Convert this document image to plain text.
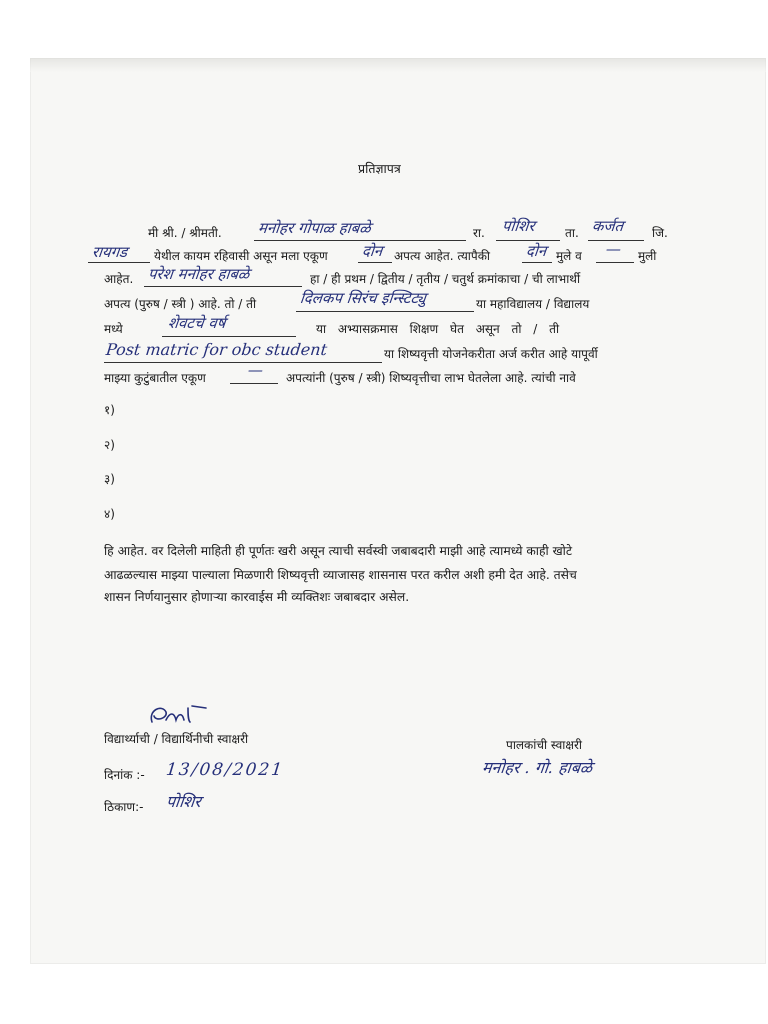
प्रतिज्ञापत्र
मी श्री. / श्रीमती. मनोहर गोपाळ हाबळे	रा. पोशिर ता. कर्जत जि.
रायगड येथील कायम रहिवासी असून मला एकूण दोन अपत्य आहेत. त्यापैकी दोन मुले व — मुली
आहेत. परेश मनोहर हाबळे	हा / ही प्रथम / द्वितीय / तृतीय / चतुर्थ क्रमांकाचा / ची लाभार्थी
अपत्य (पुरुष / स्त्री ) आहे. तो / ती	दिलकप सिरंच इन्स्टिट्यु	या महाविद्यालय / विद्यालय
मध्ये	शेवटचे वर्ष	या अभ्यासक्रमास शिक्षण घेत असून तो / ती
Post matric for obc student	या शिष्यवृत्ती योजनेकरीता अर्ज करीत आहे यापूर्वी
माझ्या कुटुंबातील एकूण	— अपत्यांनी (पुरुष / स्त्री) शिष्यवृत्तीचा लाभ घेतलेला आहे. त्यांची नावे
१)
२)
३)
४)
हि आहेत. वर दिलेली माहिती ही पूर्णतः खरी असून त्याची सर्वस्वी जबाबदारी माझी आहे त्यामध्ये काही खोटे
आढळल्यास माझ्या पाल्याला मिळणारी शिष्यवृत्ती व्याजासह शासनास परत करील अशी हमी देत आहे. तसेच
शासन निर्णयानुसार होणाऱ्या कारवाईस मी व्यक्तिशः जबाबदार असेल.
विद्यार्थ्याची / विद्यार्थिनीची स्वाक्षरी	पालकांची स्वाक्षरी
मनोहर . गो. हाबळे
दिनांक :- 13/08/2021
ठिकाण:- पोशिर
